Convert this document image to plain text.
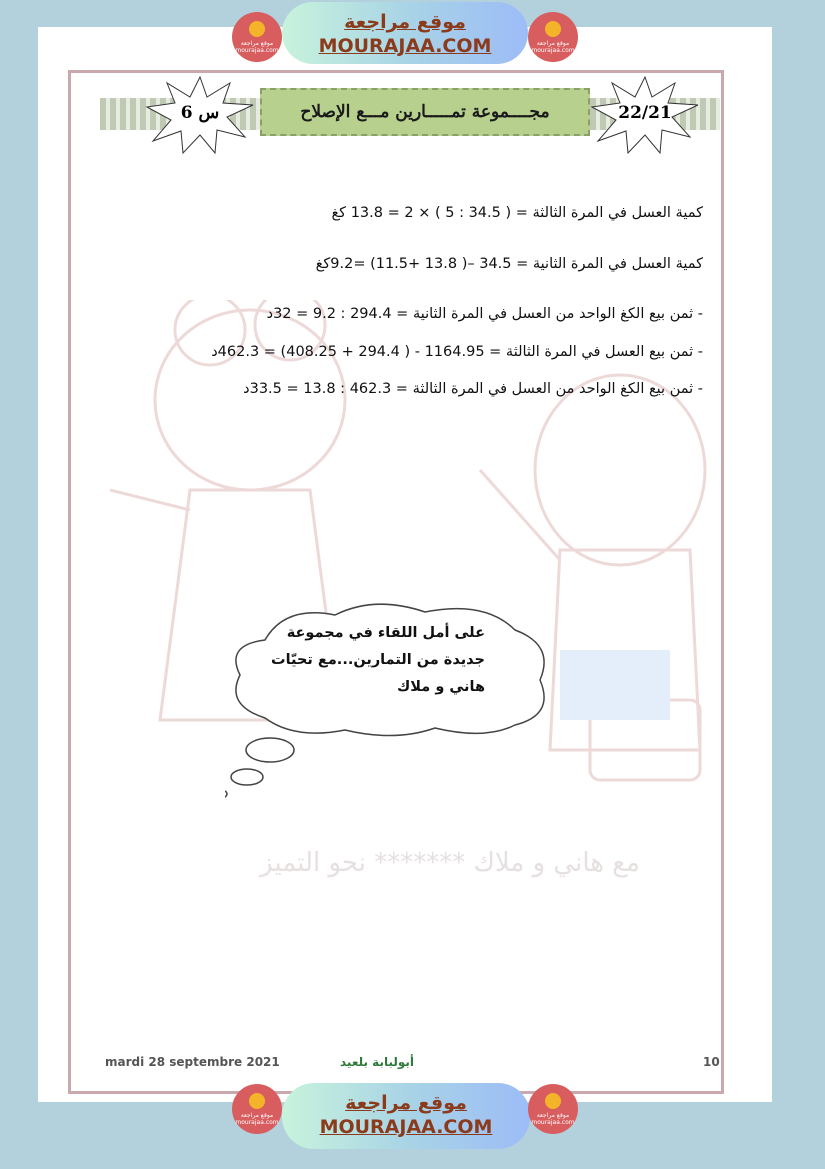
موقع مراجعة mourajaa.com
موقع مراجعة
MOURAJAA.COM	موقع مراجعة mourajaa.com
س 6	مجــــموعة تمـــــارين مـــع الإصلاح	22/21
كمية العسل في المرة الثالثة = ( 34.5 : 5 ) × 2 = 13.8 كغ
كمية العسل في المرة الثانية = 34.5 –( 13.8 +11.5) =9.2كغ
- ثمن بيع الكغ الواحد من العسل في المرة الثانية = 294.4 : 9.2 = 32د
- ثمن بيع العسل في المرة الثالثة = 1164.95 - ( 294.4 + 408.25) = 462.3د
- ثمن بيع الكغ الواحد من العسل في المرة الثالثة = 462.3 : 13.8 = 33.5د
على أمل اللقاء في مجموعة
جديدة من التمارين...مع تحيّات
هاني و ملاك
مع هاني و ملاك ******* نحو التميز
mardi 28 septembre 2021	أبولبابة بلعيد	10
موقع مراجعة mourajaa.com
موقع مراجعة
MOURAJAA.COM
موقع مراجعة mourajaa.com
